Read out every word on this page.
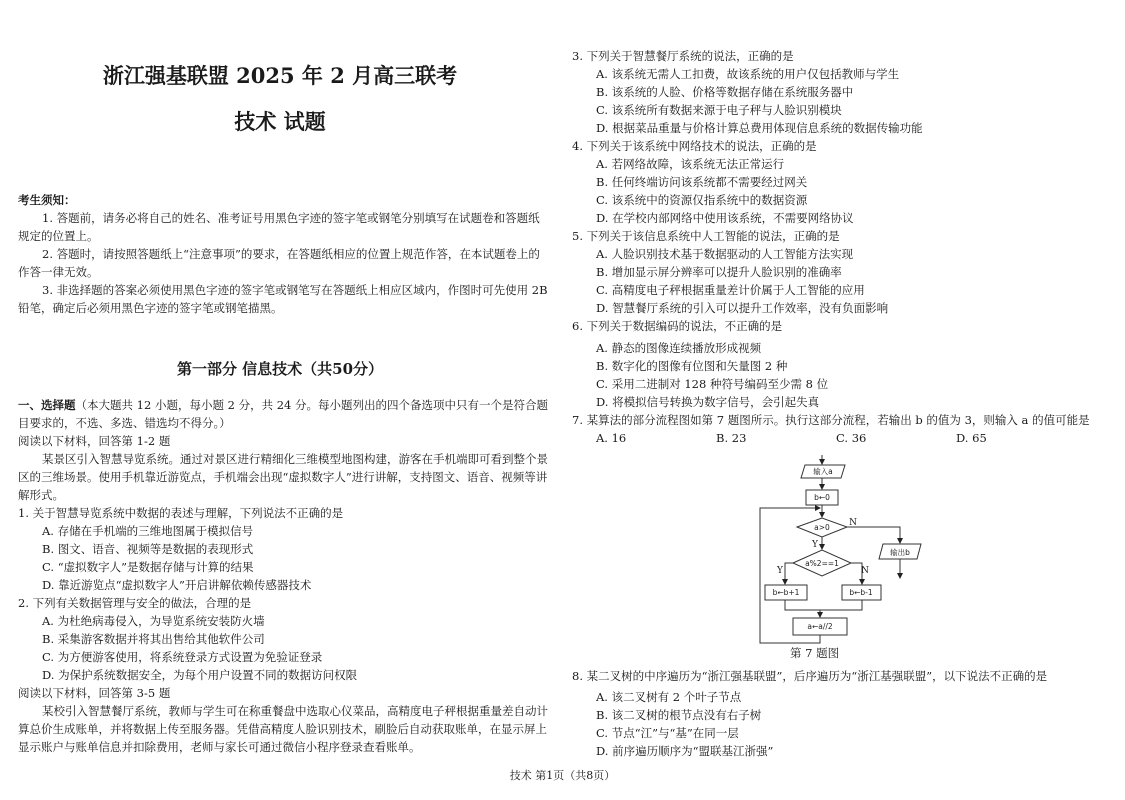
浙江强基联盟 2025 年 2 月高三联考
技术 试题
考生须知：
1. 答题前，请务必将自己的姓名、准考证号用黑色字迹的签字笔或钢笔分别填写在试题卷和答题纸规定的位置上。
2. 答题时，请按照答题纸上“注意事项”的要求，在答题纸相应的位置上规范作答，在本试题卷上的作答一律无效。
3. 非选择题的答案必须使用黑色字迹的签字笔或钢笔写在答题纸上相应区域内，作图时可先使用 2B 铅笔，确定后必须用黑色字迹的签字笔或钢笔描黑。
第一部分 信息技术（共50分）
一、选择题（本大题共 12 小题，每小题 2 分，共 24 分。每小题列出的四个备选项中只有一个是符合题目要求的，不选、多选、错选均不得分。）
阅读以下材料，回答第 1-2 题
某景区引入智慧导览系统。通过对景区进行精细化三维模型地图构建，游客在手机端即可看到整个景区的三维场景。使用手机靠近游览点，手机端会出现“虚拟数字人”进行讲解，支持图文、语音、视频等讲解形式。
1. 关于智慧导览系统中数据的表述与理解，下列说法不正确的是
A. 存储在手机端的三维地图属于模拟信号
B. 图文、语音、视频等是数据的表现形式
C. “虚拟数字人”是数据存储与计算的结果
D. 靠近游览点“虚拟数字人”开启讲解依赖传感器技术
2. 下列有关数据管理与安全的做法，合理的是
A. 为杜绝病毒侵入，为导览系统安装防火墙
B. 采集游客数据并将其出售给其他软件公司
C. 为方便游客使用，将系统登录方式设置为免验证登录
D. 为保护系统数据安全，为每个用户设置不同的数据访问权限
阅读以下材料，回答第 3-5 题
某校引入智慧餐厅系统，教师与学生可在称重餐盘中选取心仪菜品，高精度电子秤根据重量差自动计算总价生成账单，并将数据上传至服务器。凭借高精度人脸识别技术，刷脸后自动获取账单，在显示屏上显示账户与账单信息并扣除费用，老师与家长可通过微信小程序登录查看账单。
3. 下列关于智慧餐厅系统的说法，正确的是
A. 该系统无需人工扣费，故该系统的用户仅包括教师与学生
B. 该系统的人脸、价格等数据存储在系统服务器中
C. 该系统所有数据来源于电子秤与人脸识别模块
D. 根据菜品重量与价格计算总费用体现信息系统的数据传输功能
4. 下列关于该系统中网络技术的说法，正确的是
A. 若网络故障，该系统无法正常运行
B. 任何终端访问该系统都不需要经过网关
C. 该系统中的资源仅指系统中的数据资源
D. 在学校内部网络中使用该系统，不需要网络协议
5. 下列关于该信息系统中人工智能的说法，正确的是
A. 人脸识别技术基于数据驱动的人工智能方法实现
B. 增加显示屏分辨率可以提升人脸识别的准确率
C. 高精度电子秤根据重量差计价属于人工智能的应用
D. 智慧餐厅系统的引入可以提升工作效率，没有负面影响
6. 下列关于数据编码的说法，不正确的是
A. 静态的图像连续播放形成视频
B. 数字化的图像有位图和矢量图 2 种
C. 采用二进制对 128 种符号编码至少需 8 位
D. 将模拟信号转换为数字信号，会引起失真
7. 某算法的部分流程图如第 7 题图所示。执行这部分流程，若输出 b 的值为 3，则输入 a 的值可能是
A. 16	B. 23	C. 36	D. 65
输入a
b←0
a>0
输出b
a%2==1
b←b+1	b←b-1
a←a//2
N
Y
Y	N
第 7 题图
8. 某二叉树的中序遍历为“浙江强基联盟”，后序遍历为“浙江基强联盟”，以下说法不正确的是
A. 该二叉树有 2 个叶子节点
B. 该二叉树的根节点没有右子树
C. 节点“江”与“基”在同一层
D. 前序遍历顺序为“盟联基江浙强”
技术 第1页（共8页）
